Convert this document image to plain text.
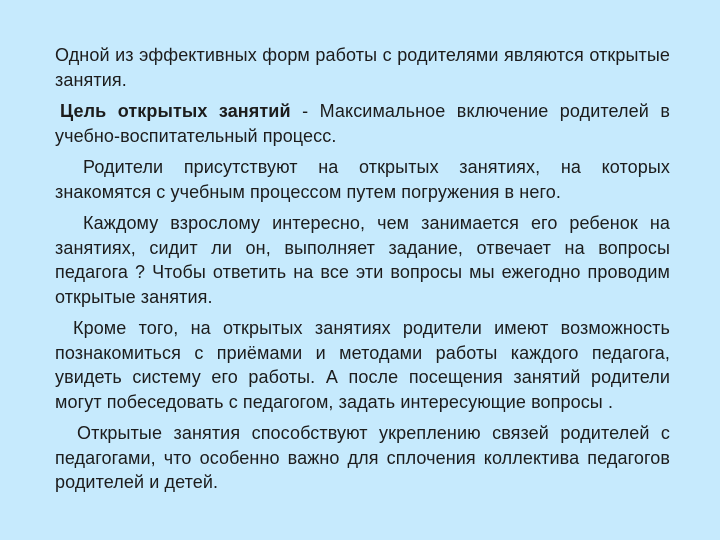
Одной из эффективных форм работы с родителями являются открытые занятия.

Цель открытых занятий - Максимальное включение родителей в учебно-воспитательный процесс.

Родители присутствуют на открытых занятиях, на которых знакомятся с учебным процессом путем погружения в него.

Каждому взрослому интересно, чем занимается его ребенок на занятиях, сидит ли он, выполняет задание, отвечает на вопросы педагога ? Чтобы ответить на все эти вопросы мы ежегодно проводим открытые занятия.

Кроме того, на открытых занятиях родители имеют возможность познакомиться с приёмами и методами работы каждого педагога, увидеть систему его работы. А после посещения занятий родители могут побеседовать с педагогом, задать интересующие вопросы .

Открытые занятия способствуют укреплению связей родителей с педагогами, что особенно важно для сплочения коллектива педагогов родителей и детей.
